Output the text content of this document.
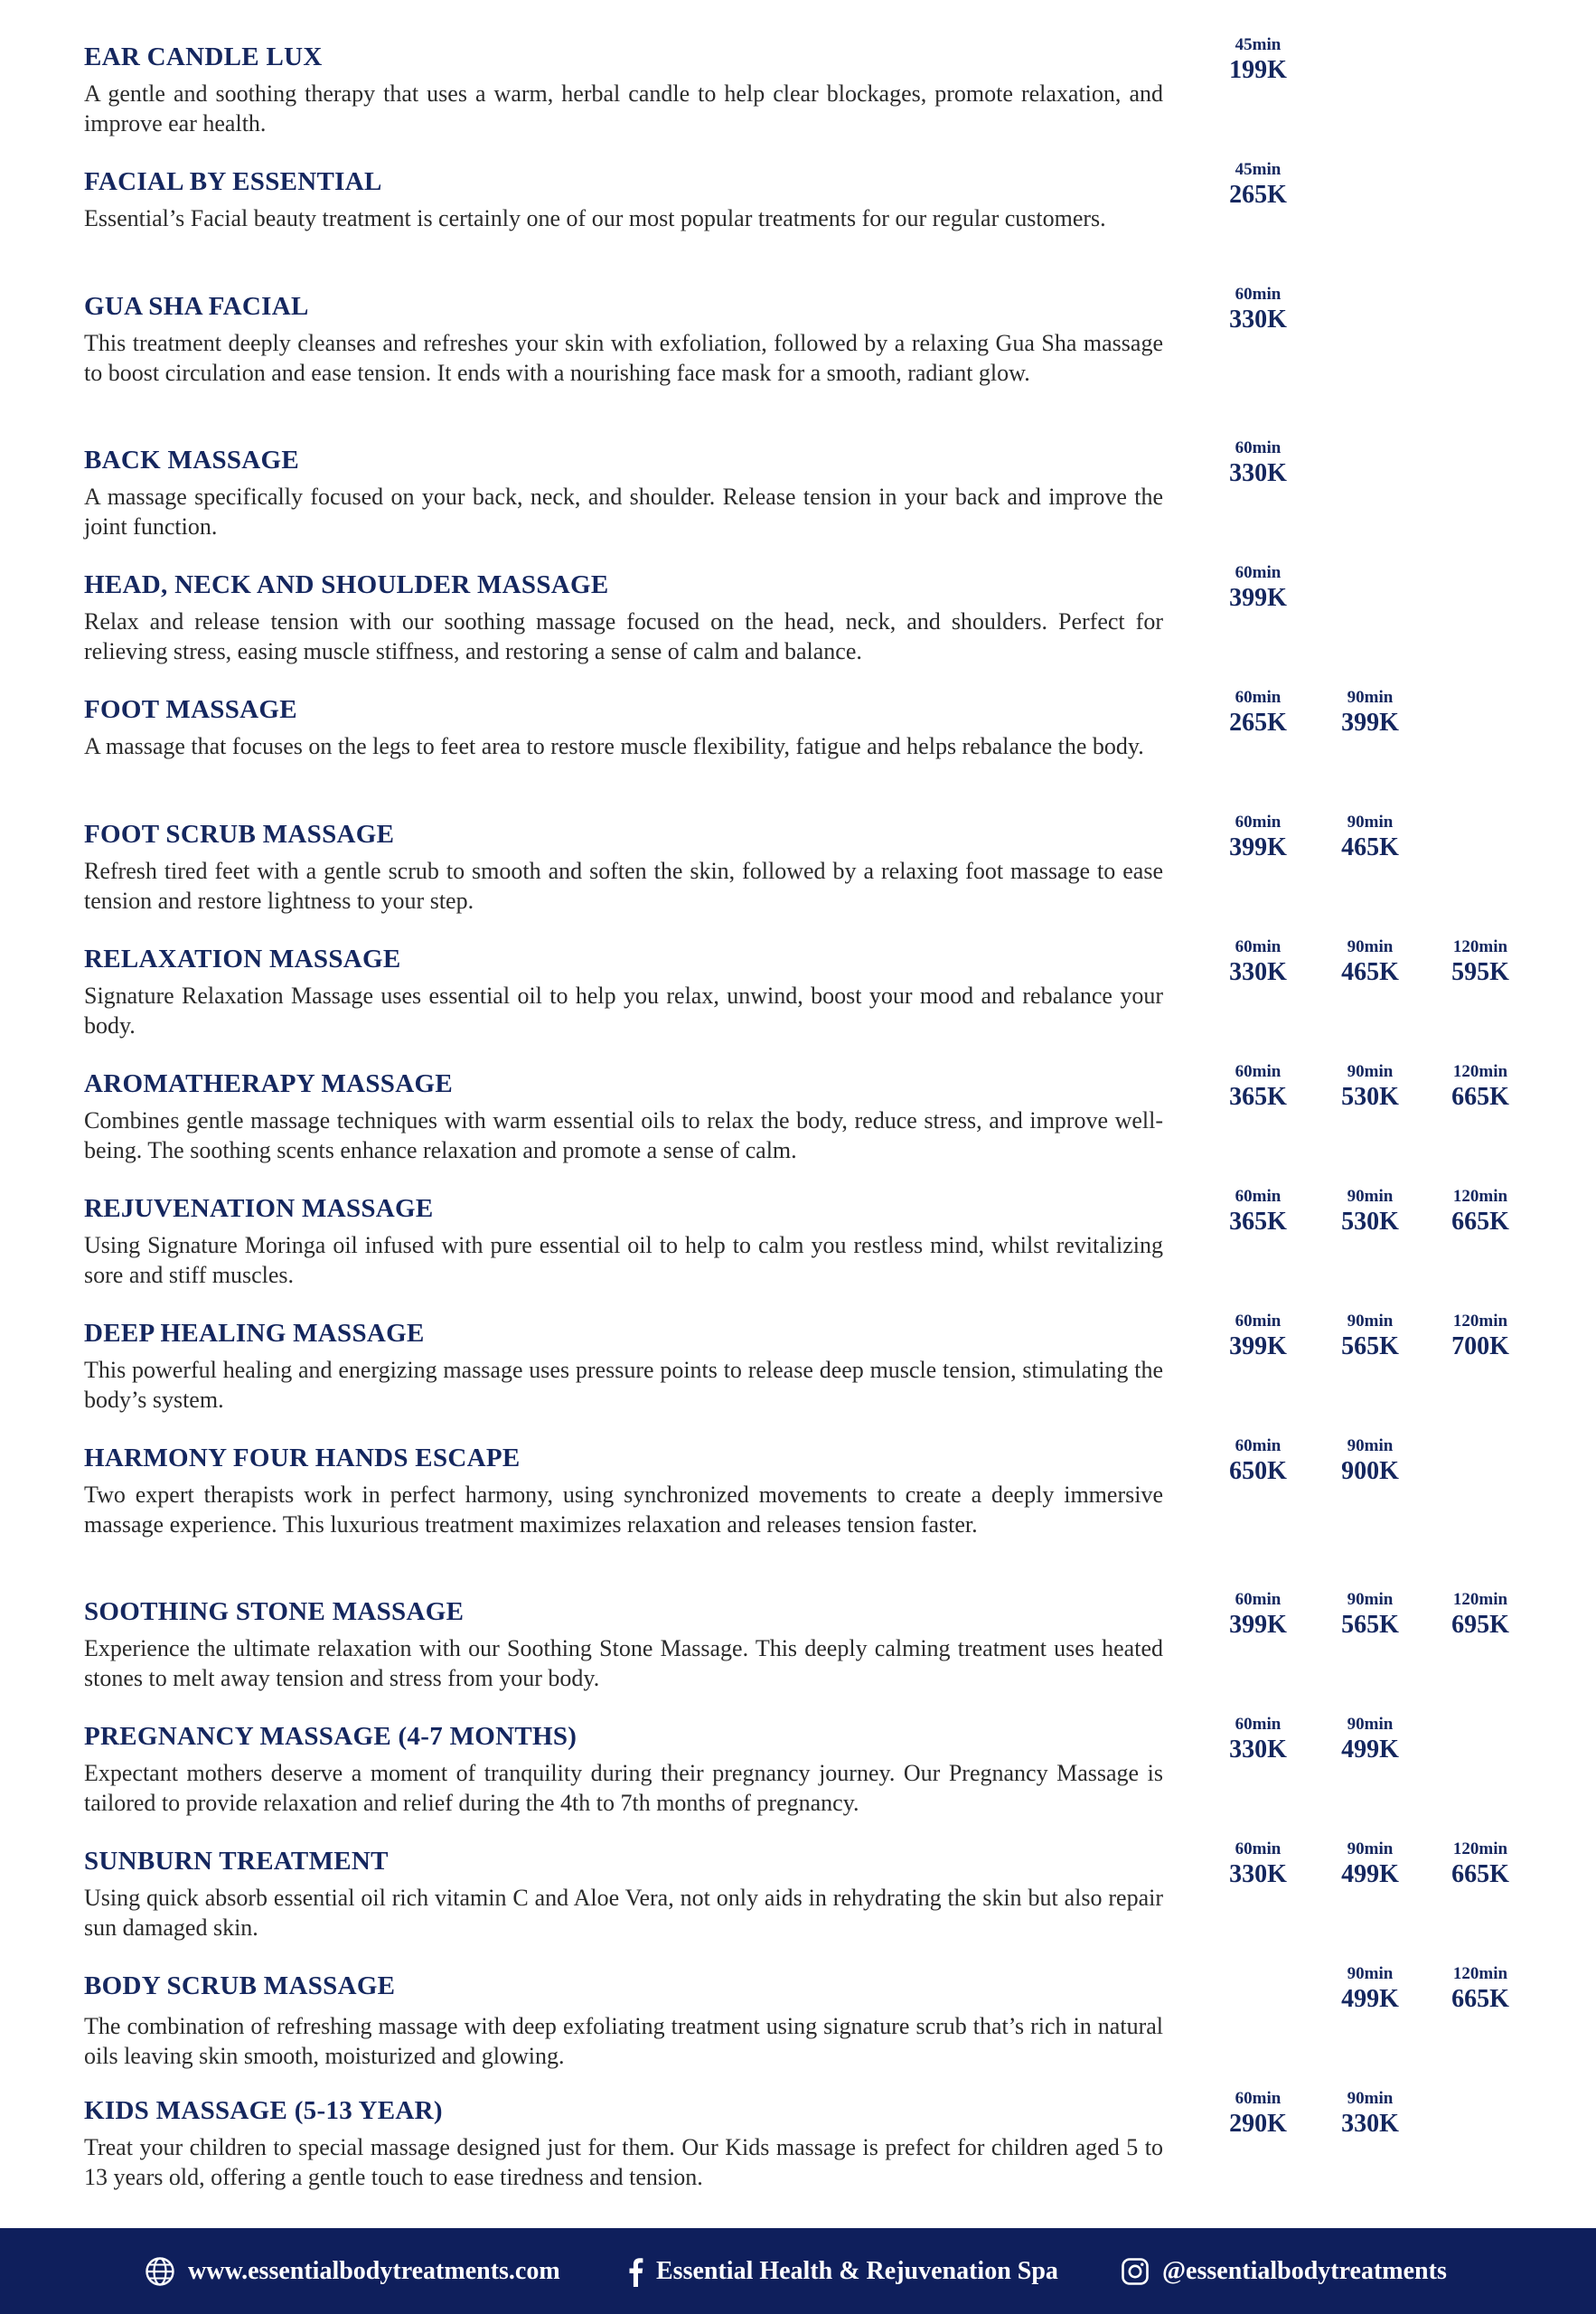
EAR CANDLE LUX
A gentle and soothing therapy that uses a warm, herbal candle to help clear blockages, promote relaxation, and improve ear health.
45min
199K
FACIAL BY ESSENTIAL
Essential’s Facial beauty treatment is certainly one of our most popular treatments for our regular customers.
45min
265K
GUA SHA FACIAL
This treatment deeply cleanses and refreshes your skin with exfoliation, followed by a relaxing Gua Sha massage to boost circulation and ease tension. It ends with a nourishing face mask for a smooth, radiant glow.
60min
330K
BACK MASSAGE
A massage specifically focused on your back, neck, and shoulder. Release tension in your back and improve the joint function.
60min
330K
HEAD, NECK AND SHOULDER MASSAGE
Relax and release tension with our soothing massage focused on the head, neck, and shoulders. Perfect for relieving stress, easing muscle stiffness, and restoring a sense of calm and balance.
60min
399K
FOOT MASSAGE
A massage that focuses on the legs to feet area to restore muscle flexibility, fatigue and helps rebalance the body.
60min
265K
90min
399K
FOOT SCRUB MASSAGE
Refresh tired feet with a gentle scrub to smooth and soften the skin, followed by a relaxing foot massage to ease tension and restore lightness to your step.
60min
399K
90min
465K
RELAXATION MASSAGE
Signature Relaxation Massage uses essential oil to help you relax, unwind, boost your mood and rebalance your body.
60min
330K
90min
465K
120min
595K
AROMATHERAPY MASSAGE
Combines gentle massage techniques with warm essential oils to relax the body, reduce stress, and improve well-being. The soothing scents enhance relaxation and promote a sense of calm.
60min
365K
90min
530K
120min
665K
REJUVENATION MASSAGE
Using Signature Moringa oil infused with pure essential oil to help to calm you restless mind, whilst revitalizing sore and stiff muscles.
60min
365K
90min
530K
120min
665K
DEEP HEALING MASSAGE
This powerful healing and energizing massage uses pressure points to release deep muscle tension, stimulating the body’s system.
60min
399K
90min
565K
120min
700K
HARMONY FOUR HANDS ESCAPE
Two expert therapists work in perfect harmony, using synchronized movements to create a deeply immersive massage experience. This luxurious treatment maximizes relaxation and releases tension faster.
60min
650K
90min
900K
SOOTHING STONE MASSAGE
Experience the ultimate relaxation with our Soothing Stone Massage. This deeply calming treatment uses heated stones to melt away tension and stress from your body.
60min
399K
90min
565K
120min
695K
PREGNANCY MASSAGE (4-7 MONTHS)
Expectant mothers deserve a moment of tranquility during their pregnancy journey. Our Pregnancy Massage is tailored to provide relaxation and relief during the 4th to 7th months of pregnancy.
60min
330K
90min
499K
SUNBURN TREATMENT
Using quick absorb essential oil rich vitamin C and Aloe Vera, not only aids in rehydrating the skin but also repair sun damaged skin.
60min
330K
90min
499K
120min
665K
BODY SCRUB MASSAGE
The combination of refreshing massage with deep exfoliating treatment using signature scrub that’s rich in natural oils leaving skin smooth, moisturized and glowing.
90min
499K
120min
665K
KIDS MASSAGE (5-13 YEAR)
Treat your children to special massage designed just for them. Our Kids massage is prefect for children aged 5 to 13 years old, offering a gentle touch to ease tiredness and tension.
60min
290K
90min
330K
www.essentialbodytreatments.com	Essential Health & Rejuvenation Spa	@essentialbodytreatments
